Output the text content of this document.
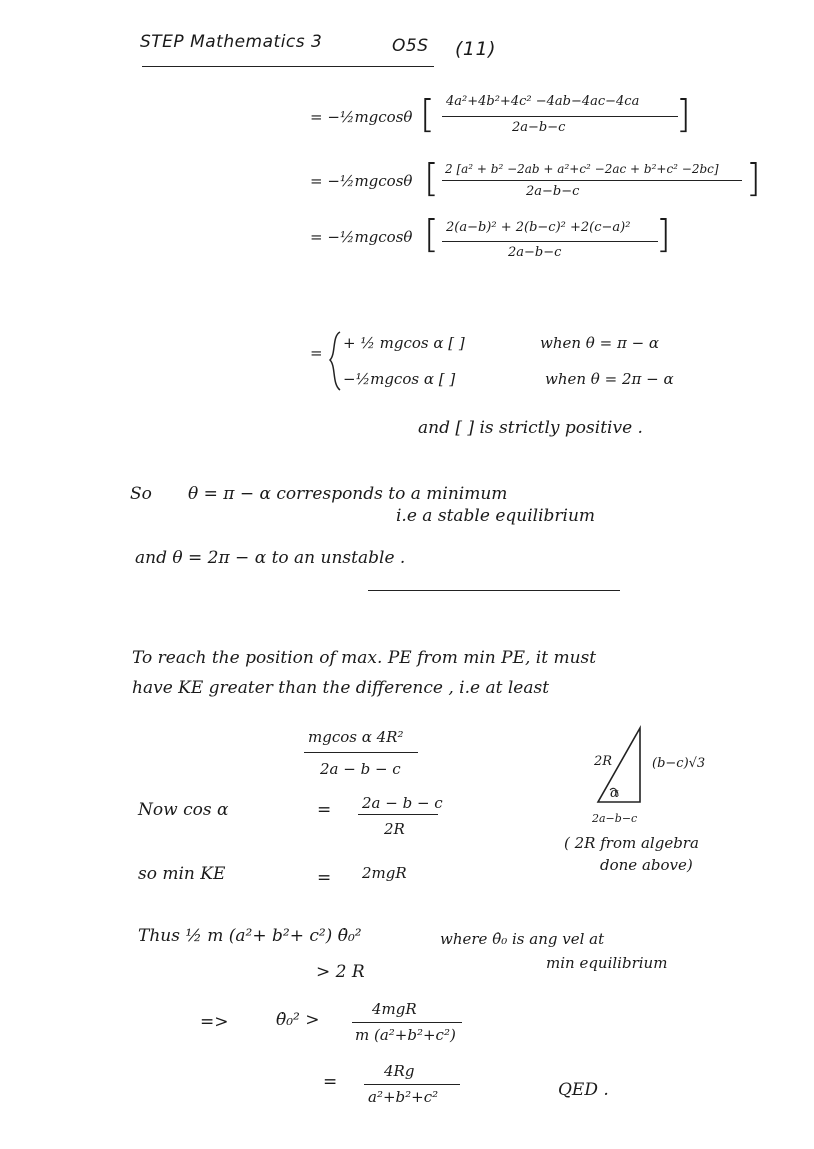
STEP Mathematics 3	O5S (11)
= −½mgcosθ [ 4a²+4b²+4c² −4ab−4ac−4ca
2a−b−c	]
= −½mgcosθ [ 2 [a² + b² −2ab + a²+c² −2ac + b²+c² −2bc]
2a−b−c	]
= −½mgcosθ [ 2(a−b)² + 2(b−c)² +2(c−a)²
2a−b−c ]
=
+ ½ mgcos α [ ]	when θ = π − α
−½mgcos α [ ]	when θ = 2π − α
and [ ] is strictly positive .
So θ = π − α corresponds to a minimum
i.e a stable equilibrium
and θ = 2π − α to an unstable .
To reach the position of max. PE from min PE, it must
have KE greater than the difference , i.e at least
mgcos α 4R²
2a − b − c
Now cos α	= 2a − b − c
2R
so min KE	= 2mgR
2R	(b−c)√3
α
2a−b−c
( 2R from algebra
done above)
Thus ½ m (a²+ b²+ c²) θ̇₀²	where θ̇₀ is ang vel at
min equilibrium
> 2 R
=>	θ̇₀² >
4mgR
m (a²+b²+c²)
=
4Rg
a²+b²+c²	QED .
